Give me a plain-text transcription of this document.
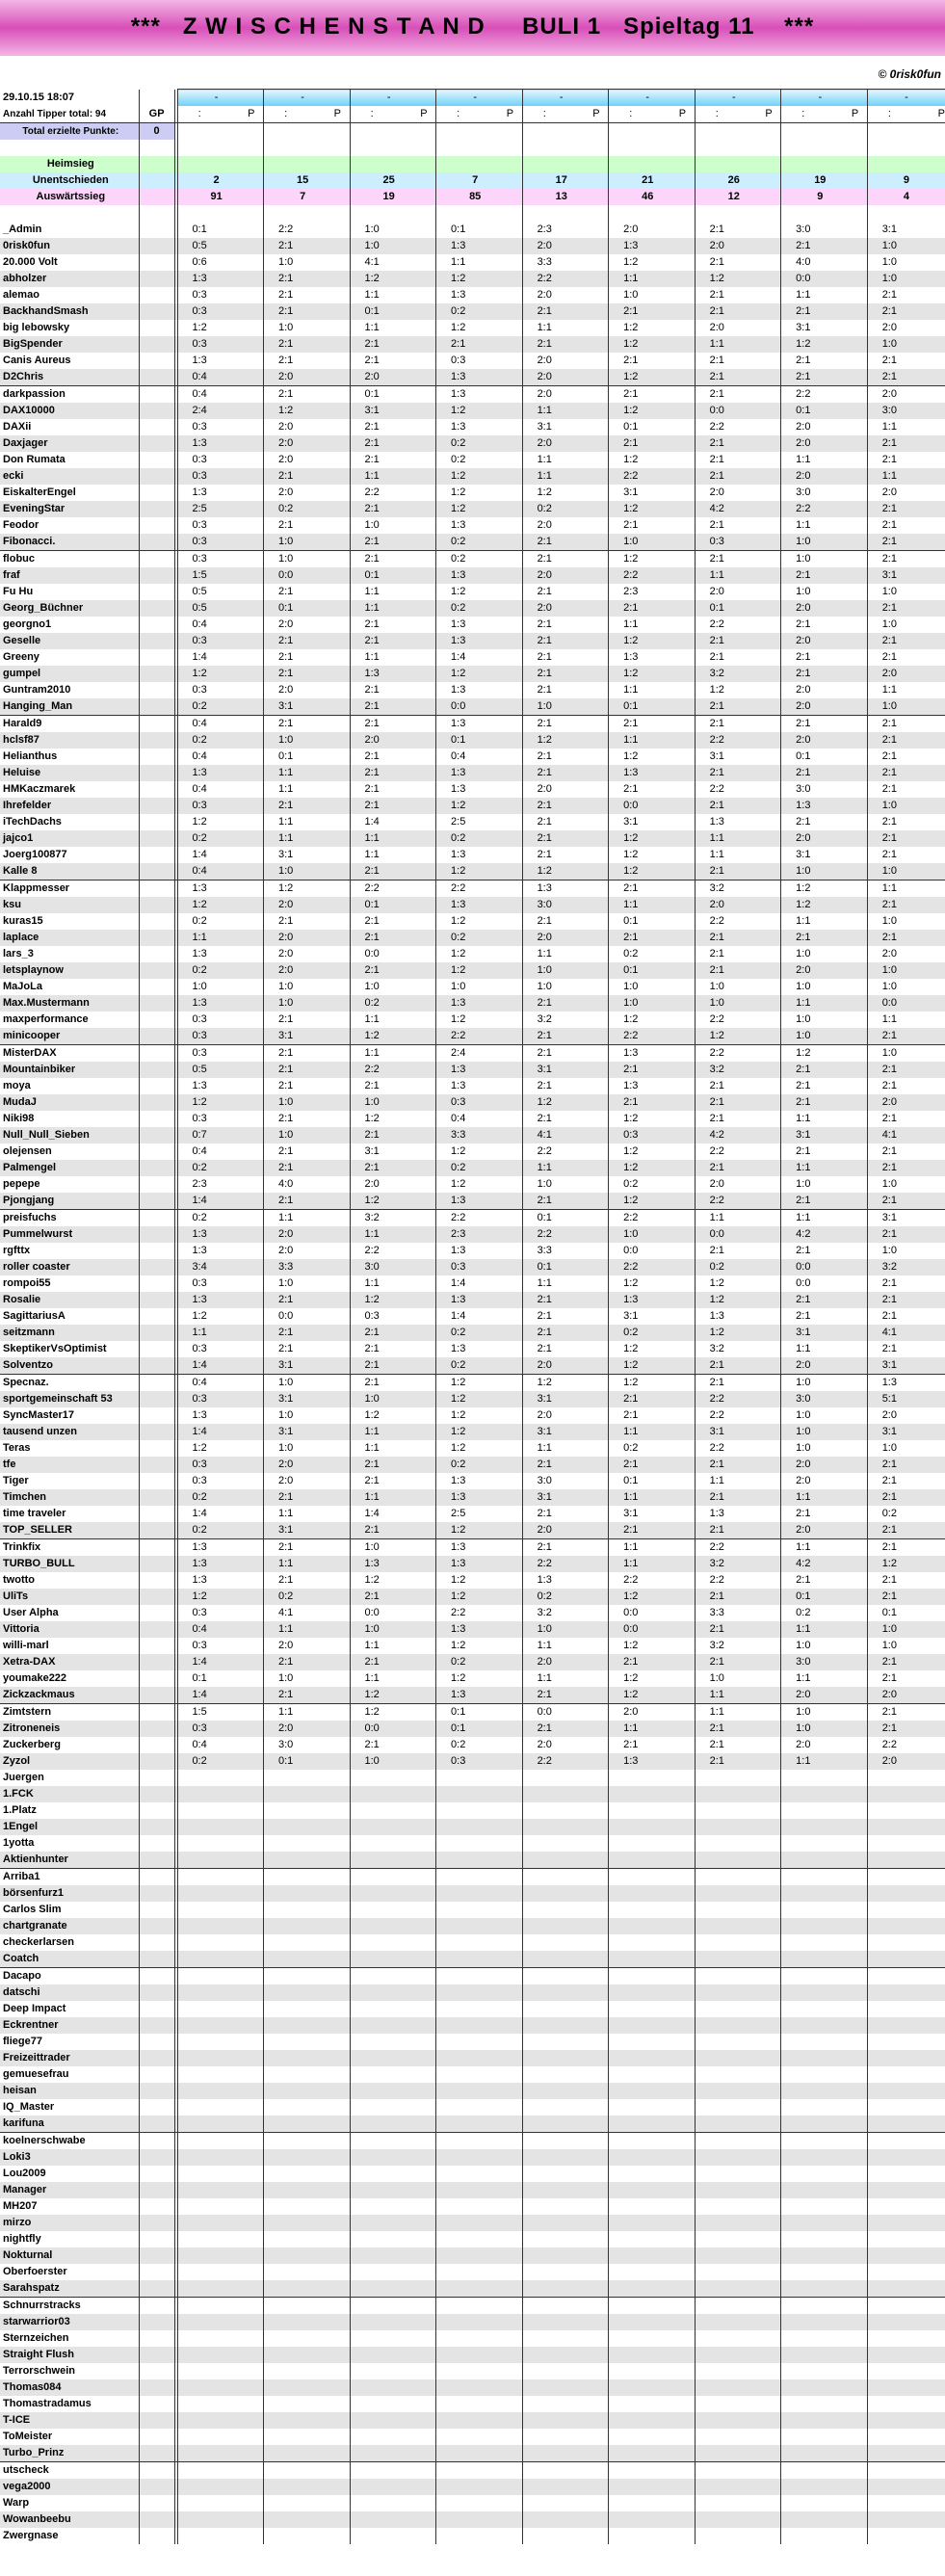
***   Z W I S C H E N S T A N D     BULI 1   Spieltag 11    ***
© 0risk0fun
29.10.15 18:07			-			-			-			-			-			-			-			-			-	
Anzahl Tipper total: 94	GP		:	P		:	P		:	P		:	P		:	P		:	P		:	P		:	P		:	P
Total erzielte Punkte:	0																											

Heimsieg																												
Unentschieden			2			15			25			7			17			21			26			19			9	
Auswärtssieg			91			7			19			85			13			46			12			9			4	

_Admin			0:1			2:2			1:0			0:1			2:3			2:0			2:1			3:0			3:1	
0risk0fun			0:5			2:1			1:0			1:3			2:0			1:3			2:0			2:1			1:0	
20.000 Volt			0:6			1:0			4:1			1:1			3:3			1:2			2:1			4:0			1:0	
abholzer			1:3			2:1			1:2			1:2			2:2			1:1			1:2			0:0			1:0	
alemao			0:3			2:1			1:1			1:3			2:0			1:0			2:1			1:1			2:1	
BackhandSmash			0:3			2:1			0:1			0:2			2:1			2:1			2:1			2:1			2:1	
big lebowsky			1:2			1:0			1:1			1:2			1:1			1:2			2:0			3:1			2:0	
BigSpender			0:3			2:1			2:1			2:1			2:1			1:2			1:1			1:2			1:0	
Canis Aureus			1:3			2:1			2:1			0:3			2:0			2:1			2:1			2:1			2:1	
D2Chris			0:4			2:0			2:0			1:3			2:0			1:2			2:1			2:1			2:1	
darkpassion			0:4			2:1			0:1			1:3			2:0			2:1			2:1			2:2			2:0	
DAX10000			2:4			1:2			3:1			1:2			1:1			1:2			0:0			0:1			3:0	
DAXii			0:3			2:0			2:1			1:3			3:1			0:1			2:2			2:0			1:1	
Daxjager			1:3			2:0			2:1			0:2			2:0			2:1			2:1			2:0			2:1	
Don Rumata			0:3			2:0			2:1			0:2			1:1			1:2			2:1			1:1			2:1	
ecki			0:3			2:1			1:1			1:2			1:1			2:2			2:1			2:0			1:1	
EiskalterEngel			1:3			2:0			2:2			1:2			1:2			3:1			2:0			3:0			2:0	
EveningStar			2:5			0:2			2:1			1:2			0:2			1:2			4:2			2:2			2:1	
Feodor			0:3			2:1			1:0			1:3			2:0			2:1			2:1			1:1			2:1	
Fibonacci.			0:3			1:0			2:1			0:2			2:1			1:0			0:3			1:0			2:1	
flobuc			0:3			1:0			2:1			0:2			2:1			1:2			2:1			1:0			2:1	
fraf			1:5			0:0			0:1			1:3			2:0			2:2			1:1			2:1			3:1	
Fu Hu			0:5			2:1			1:1			1:2			2:1			2:3			2:0			1:0			1:0	
Georg_Büchner			0:5			0:1			1:1			0:2			2:0			2:1			0:1			2:0			2:1	
georgno1			0:4			2:0			2:1			1:3			2:1			1:1			2:2			2:1			1:0	
Geselle			0:3			2:1			2:1			1:3			2:1			1:2			2:1			2:0			2:1	
Greeny			1:4			2:1			1:1			1:4			2:1			1:3			2:1			2:1			2:1	
gumpel			1:2			2:1			1:3			1:2			2:1			1:2			3:2			2:1			2:0	
Guntram2010			0:3			2:0			2:1			1:3			2:1			1:1			1:2			2:0			1:1	
Hanging_Man			0:2			3:1			2:1			0:0			1:0			0:1			2:1			2:0			1:0	
Harald9			0:4			2:1			2:1			1:3			2:1			2:1			2:1			2:1			2:1	
hclsf87			0:2			1:0			2:0			0:1			1:2			1:1			2:2			2:0			2:1	
Helianthus			0:4			0:1			2:1			0:4			2:1			1:2			3:1			0:1			2:1	
Heluise			1:3			1:1			2:1			1:3			2:1			1:3			2:1			2:1			2:1	
HMKaczmarek			0:4			1:1			2:1			1:3			2:0			2:1			2:2			3:0			2:1	
Ihrefelder			0:3			2:1			2:1			1:2			2:1			0:0			2:1			1:3			1:0	
iTechDachs			1:2			1:1			1:4			2:5			2:1			3:1			1:3			2:1			2:1	
jajco1			0:2			1:1			1:1			0:2			2:1			1:2			1:1			2:0			2:1	
Joerg100877			1:4			3:1			1:1			1:3			2:1			1:2			1:1			3:1			2:1	
Kalle 8			0:4			1:0			2:1			1:2			1:2			1:2			2:1			1:0			1:0	
Klappmesser			1:3			1:2			2:2			2:2			1:3			2:1			3:2			1:2			1:1	
ksu			1:2			2:0			0:1			1:3			3:0			1:1			2:0			1:2			2:1	
kuras15			0:2			2:1			2:1			1:2			2:1			0:1			2:2			1:1			1:0	
laplace			1:1			2:0			2:1			0:2			2:0			2:1			2:1			2:1			2:1	
lars_3			1:3			2:0			0:0			1:2			1:1			0:2			2:1			1:0			2:0	
letsplaynow			0:2			2:0			2:1			1:2			1:0			0:1			2:1			2:0			1:0	
MaJoLa			1:0			1:0			1:0			1:0			1:0			1:0			1:0			1:0			1:0	
Max.Mustermann			1:3			1:0			0:2			1:3			2:1			1:0			1:0			1:1			0:0	
maxperformance			0:3			2:1			1:1			1:2			3:2			1:2			2:2			1:0			1:1	
minicooper			0:3			3:1			1:2			2:2			2:1			2:2			1:2			1:0			2:1	
MisterDAX			0:3			2:1			1:1			2:4			2:1			1:3			2:2			1:2			1:0	
Mountainbiker			0:5			2:1			2:2			1:3			3:1			2:1			3:2			2:1			2:1	
moya			1:3			2:1			2:1			1:3			2:1			1:3			2:1			2:1			2:1	
MudaJ			1:2			1:0			1:0			0:3			1:2			2:1			2:1			2:1			2:0	
Niki98			0:3			2:1			1:2			0:4			2:1			1:2			2:1			1:1			2:1	
Null_Null_Sieben			0:7			1:0			2:1			3:3			4:1			0:3			4:2			3:1			4:1	
olejensen			0:4			2:1			3:1			1:2			2:2			1:2			2:2			2:1			2:1	
Palmengel			0:2			2:1			2:1			0:2			1:1			1:2			2:1			1:1			2:1	
pepepe			2:3			4:0			2:0			1:2			1:0			0:2			2:0			1:0			1:0	
Pjongjang			1:4			2:1			1:2			1:3			2:1			1:2			2:2			2:1			2:1	
preisfuchs			0:2			1:1			3:2			2:2			0:1			2:2			1:1			1:1			3:1	
Pummelwurst			1:3			2:0			1:1			2:3			2:2			1:0			0:0			4:2			2:1	
rgfttx			1:3			2:0			2:2			1:3			3:3			0:0			2:1			2:1			1:0	
roller coaster			3:4			3:3			3:0			0:3			0:1			2:2			0:2			0:0			3:2	
rompoi55			0:3			1:0			1:1			1:4			1:1			1:2			1:2			0:0			2:1	
Rosalie			1:3			2:1			1:2			1:3			2:1			1:3			1:2			2:1			2:1	
SagittariusA			1:2			0:0			0:3			1:4			2:1			3:1			1:3			2:1			2:1	
seitzmann			1:1			2:1			2:1			0:2			2:1			0:2			1:2			3:1			4:1	
SkeptikerVsOptimist			0:3			2:1			2:1			1:3			2:1			1:2			3:2			1:1			2:1	
Solventzo			1:4			3:1			2:1			0:2			2:0			1:2			2:1			2:0			3:1	
Specnaz.			0:4			1:0			2:1			1:2			1:2			1:2			2:1			1:0			1:3	
sportgemeinschaft 53			0:3			3:1			1:0			1:2			3:1			2:1			2:2			3:0			5:1	
SyncMaster17			1:3			1:0			1:2			1:2			2:0			2:1			2:2			1:0			2:0	
tausend unzen			1:4			3:1			1:1			1:2			3:1			1:1			3:1			1:0			3:1	
Teras			1:2			1:0			1:1			1:2			1:1			0:2			2:2			1:0			1:0	
tfe			0:3			2:0			2:1			0:2			2:1			2:1			2:1			2:0			2:1	
Tiger			0:3			2:0			2:1			1:3			3:0			0:1			1:1			2:0			2:1	
Timchen			0:2			2:1			1:1			1:3			3:1			1:1			2:1			1:1			2:1	
time traveler			1:4			1:1			1:4			2:5			2:1			3:1			1:3			2:1			0:2	
TOP_SELLER			0:2			3:1			2:1			1:2			2:0			2:1			2:1			2:0			2:1	
Trinkfix			1:3			2:1			1:0			1:3			2:1			1:1			2:2			1:1			2:1	
TURBO_BULL			1:3			1:1			1:3			1:3			2:2			1:1			3:2			4:2			1:2	
twotto			1:3			2:1			1:2			1:2			1:3			2:2			2:2			2:1			2:1	
UliTs			1:2			0:2			2:1			1:2			0:2			1:2			2:1			0:1			2:1	
User Alpha			0:3			4:1			0:0			2:2			3:2			0:0			3:3			0:2			0:1	
Vittoria			0:4			1:1			1:0			1:3			1:0			0:0			2:1			1:1			1:0	
willi-marl			0:3			2:0			1:1			1:2			1:1			1:2			3:2			1:0			1:0	
Xetra-DAX			1:4			2:1			2:1			0:2			2:0			2:1			2:1			3:0			2:1	
youmake222			0:1			1:0			1:1			1:2			1:1			1:2			1:0			1:1			2:1	
Zickzackmaus			1:4			2:1			1:2			1:3			2:1			1:2			1:1			2:0			2:0	
Zimtstern			1:5			1:1			1:2			0:1			0:0			2:0			1:1			1:0			2:1	
Zitroneneis			0:3			2:0			0:0			0:1			2:1			1:1			2:1			1:0			2:1	
Zuckerberg			0:4			3:0			2:1			0:2			2:0			2:1			2:1			2:0			2:2	
Zyzol			0:2			0:1			1:0			0:3			2:2			1:3			2:1			1:1			2:0	
Juergen																												
1.FCK																												
1.Platz																												
1Engel																												
1yotta																												
Aktienhunter																												
Arriba1																												
börsenfurz1																												
Carlos Slim																												
chartgranate																												
checkerlarsen																												
Coatch																												
Dacapo																												
datschi																												
Deep Impact																												
Eckrentner																												
fliege77																												
Freizeittrader																												
gemuesefrau																												
heisan																												
IQ_Master																												
karifuna																												
koelnerschwabe																												
Loki3																												
Lou2009																												
Manager																												
MH207																												
mirzo																												
nightfly																												
Nokturnal																												
Oberfoerster																												
Sarahspatz																												
Schnurrstracks																												
starwarrior03																												
Sternzeichen																												
Straight Flush																												
Terrorschwein																												
Thomas084																												
Thomastradamus																												
T-ICE																												
ToMeister																												
Turbo_Prinz																												
utscheck																												
vega2000																												
Warp																												
Wowanbeebu																												
Zwergnase																												
